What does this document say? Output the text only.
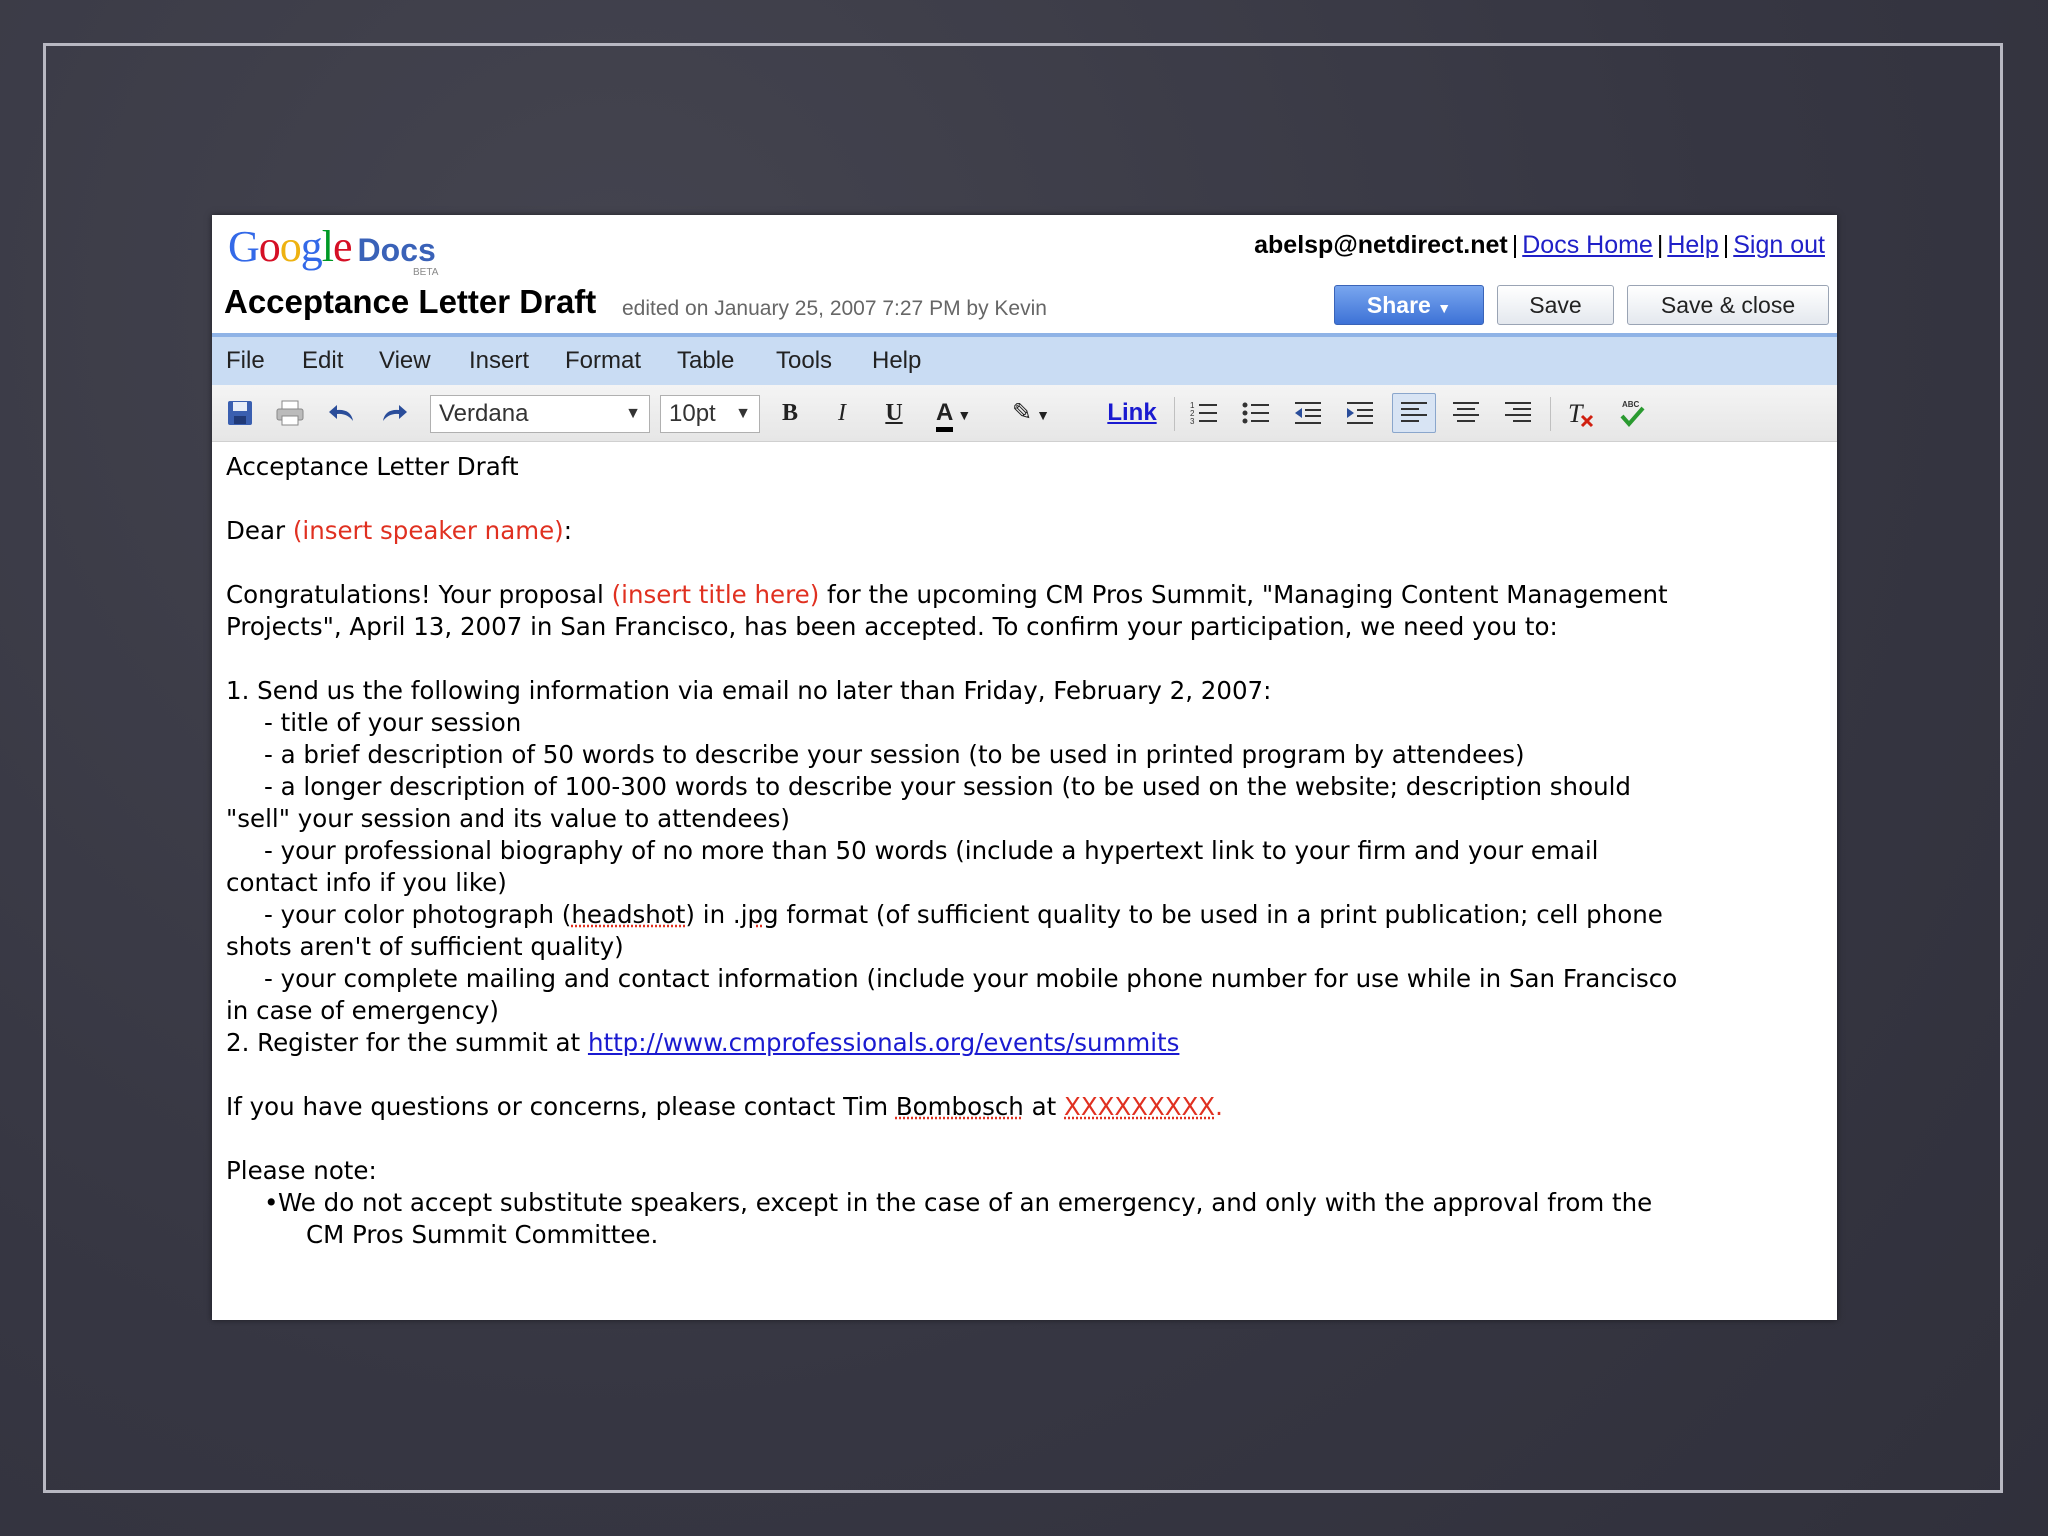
Google Docs
BETA
abelsp@netdirect.net | Docs Home | Help | Sign out
Acceptance Letter Draft edited on January 25, 2007 7:27 PM by Kevin	Share ▼	Save	Save & close
File Edit View Insert Format Table Tools Help
Verdana	▼	10pt ▼	B	I	U	A ▼	✎ ▼	Link	1
2
3	T	ABC

Acceptance Letter Draft

Dear (insert speaker name):

Congratulations! Your proposal (insert title here) for the upcoming CM Pros Summit, "Managing Content Management

Projects", April 13, 2007 in San Francisco, has been accepted. To confirm your participation, we need you to:

1. Send us the following information via email no later than Friday, February 2, 2007:

- title of your session

- a brief description of 50 words to describe your session (to be used in printed program by attendees)

- a longer description of 100-300 words to describe your session (to be used on the website; description should

"sell" your session and its value to attendees)

- your professional biography of no more than 50 words (include a hypertext link to your firm and your email

contact info if you like)

- your color photograph (headshot) in .jpg format (of sufficient quality to be used in a print publication; cell phone

shots aren't of sufficient quality)

- your complete mailing and contact information (include your mobile phone number for use while in San Francisco

in case of emergency)

2. Register for the summit at http://www.cmprofessionals.org/events/summits

If you have questions or concerns, please contact Tim Bombosch at XXXXXXXXX.

Please note:

• We do not accept substitute speakers, except in the case of an emergency, and only with the approval from the

CM Pros Summit Committee.
